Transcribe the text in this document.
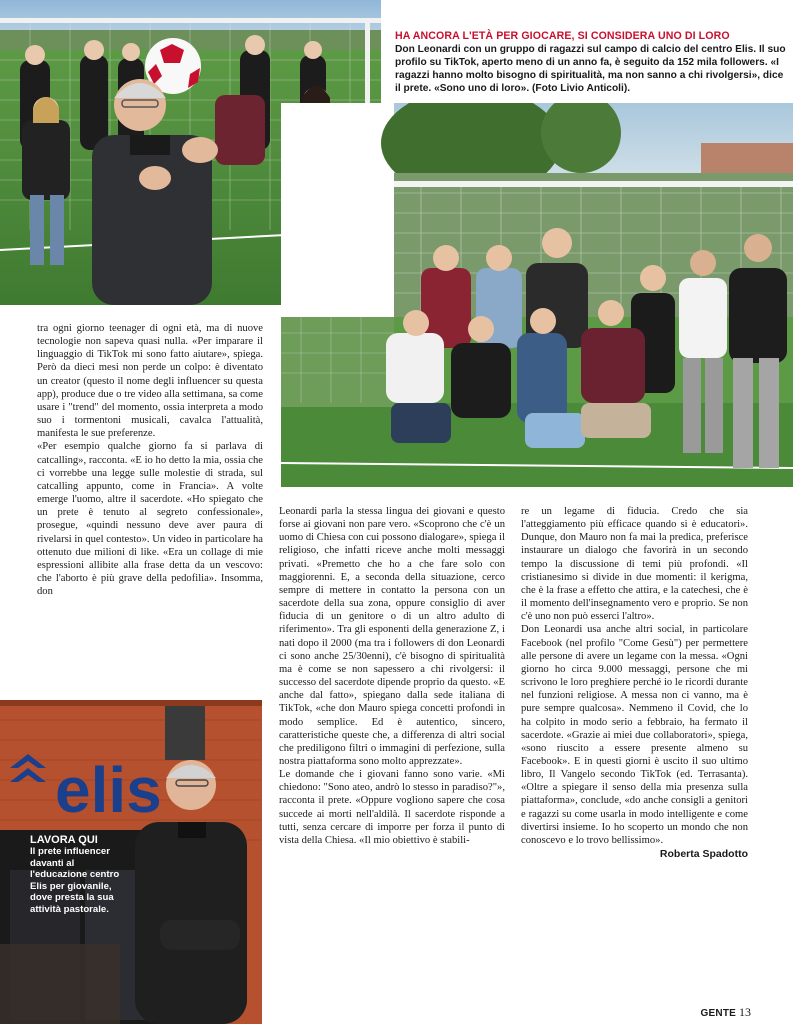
HA ANCORA L'ETÀ PER GIOCARE, SI CONSIDERA UNO DI LORO
Don Leonardi con un gruppo di ragazzi sul campo di calcio del centro Elis. Il suo profilo su TikTok, aperto meno di un anno fa, è seguito da 152 mila followers. «I ragazzi hanno molto bisogno di spiritualità, ma non sanno a chi rivolgersi», dice il prete. «Sono uno di loro». (Foto Livio Anticoli).

tra ogni giorno teenager di ogni età, ma di nuove tecnologie non sapeva quasi nulla. «Per imparare il linguaggio di TikTok mi sono fatto aiutare», spiega. Però da dieci mesi non perde un colpo: è diventato un creator (questo il nome degli influencer su questa app), produce due o tre video alla settimana, sa come usare i "trend" del momento, ossia interpreta a modo suo i tormentoni musicali, cavalca l'attualità, manifesta le sue preferenze.

«Per esempio qualche giorno fa si parlava di catcalling», racconta. «E io ho detto la mia, ossia che ci vorrebbe una legge sulle molestie di strada, sul catcalling appunto, come in Francia». A volte emerge l'uomo, altre il sacerdote. «Ho spiegato che un prete è tenuto al segreto confessionale», prosegue, «quindi nessuno deve aver paura di rivelarsi in quel contesto». Un video in particolare ha ottenuto due milioni di like. «Era un collage di mie espressioni allibite alla frase detta da un vescovo: che l'aborto è più grave della pedofilia». Insomma, don

elis
LAVORA QUI
Il prete influencer davanti al l'educazione centro Elis per giovanile, dove presta la sua attività pastorale.

Leonardi parla la stessa lingua dei giovani e questo forse ai giovani non pare vero. «Scoprono che c'è un uomo di Chiesa con cui possono dialogare», spiega il religioso, che infatti riceve anche molti messaggi privati. «Premetto che ho a che fare solo con maggiorenni. E, a seconda della situazione, cerco sempre di mettere in contatto la persona con un sacerdote della sua zona, oppure consiglio di aver fiducia di un genitore o di un altro adulto di riferimento». Tra gli esponenti della generazione Z, i nati dopo il 2000 (ma tra i followers di don Leonardi ci sono anche 25/30enni), c'è bisogno di spiritualità ma è come se non sapessero a chi rivolgersi: il successo del sacerdote dipende proprio da questo. «E anche dal fatto», spiegano dalla sede italiana di TikTok, «che don Mauro spiega concetti profondi in modo semplice. Ed è autentico, sincero, caratteristiche queste che, a differenza di altri social che prediligono filtri o immagini di perfezione, sulla nostra piattaforma sono molto apprezzate».

Le domande che i giovani fanno sono varie. «Mi chiedono: "Sono ateo, andrò lo stesso in paradiso?"», racconta il prete. «Oppure vogliono sapere che cosa succede ai morti nell'aldilà. Il sacerdote risponde a tutti, senza cercare di imporre per forza il punto di vista della Chiesa. «Il mio obiettivo è stabili-

re un legame di fiducia. Credo che sia l'atteggiamento più efficace quando si è educatori». Dunque, don Mauro non fa mai la predica, preferisce instaurare un dialogo che favorirà in un secondo tempo la discussione di temi più profondi. «Il cristianesimo si divide in due momenti: il kerigma, che è la frase a effetto che attira, e la catechesi, che è il momento dell'insegnamento vero e proprio. Se non c'è uno non può esserci l'altro».

Don Leonardi usa anche altri social, in particolare Facebook (nel profilo "Come Gesù") per permettere alle persone di avere un legame con la messa. «Ogni giorno ho circa 9.000 messaggi, persone che mi scrivono le loro preghiere perché io le ricordi durante nel funzioni religiose. A messa non ci vanno, ma è pure sempre qualcosa». Nemmeno il Covid, che lo ha colpito in modo serio a febbraio, ha fermato il sacerdote. «Grazie ai miei due collaboratori», spiega, «sono riuscito a essere presente almeno su Facebook». E in questi giorni è uscito il suo ultimo libro, Il Vangelo secondo TikTok (ed. Terrasanta). «Oltre a spiegare il senso della mia presenza sulla piattaforma», conclude, «do anche consigli a genitori e ragazzi su come usarla in modo intelligente e come divertirsi insieme. Io ho scoperto un mondo che non conoscevo e lo trovo bellissimo».

Roberta Spadotto
GENTE 13
